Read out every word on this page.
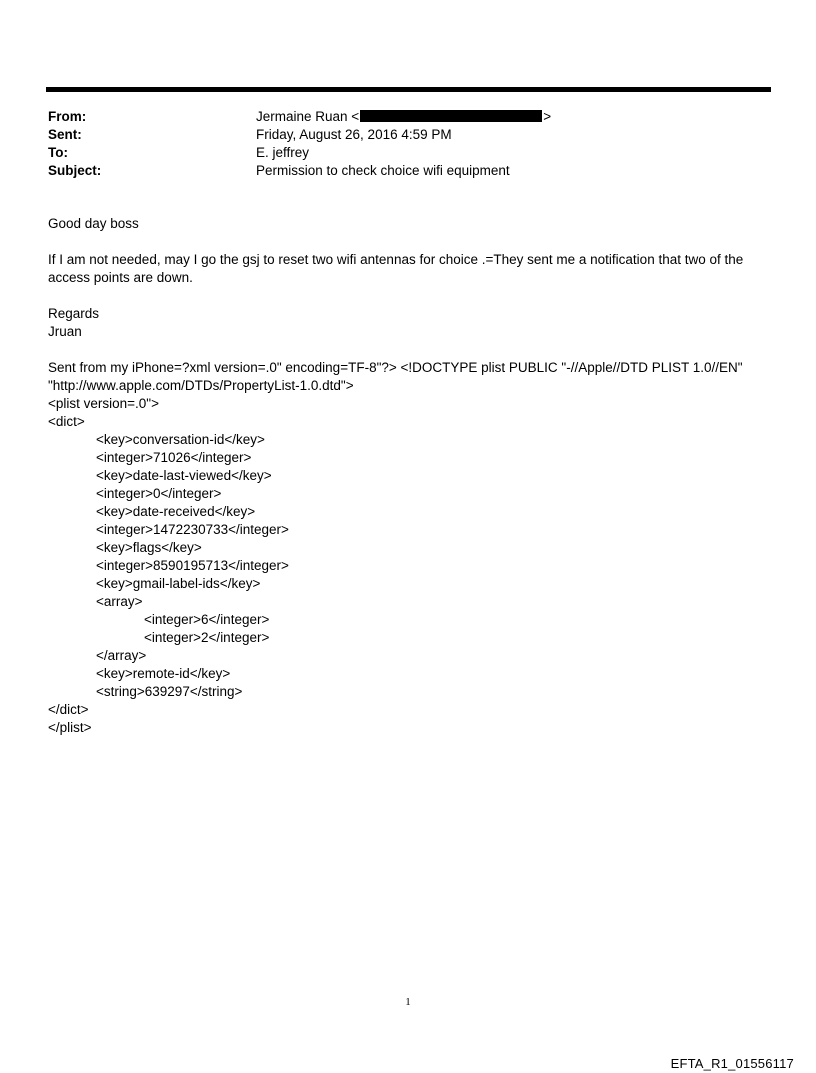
From:	Jermaine Ruan <	>
Sent:	Friday, August 26, 2016 4:59 PM
To:	E. jeffrey
Subject:	Permission to check choice wifi equipment

Good day boss

If I am not needed, may I go the gsj to reset two wifi antennas for choice .=They sent me a notification that two of the access points are down.

Regards

Jruan

Sent from my iPhone=?xml version=.0" encoding=TF-8"?> <!DOCTYPE plist PUBLIC "-//Apple//DTD PLIST 1.0//EN"

"http://www.apple.com/DTDs/PropertyList-1.0.dtd">

<plist version=.0">

<dict>

<key>conversation-id</key>

<integer>71026</integer>

<key>date-last-viewed</key>

<integer>0</integer>

<key>date-received</key>

<integer>1472230733</integer>

<key>flags</key>

<integer>8590195713</integer>

<key>gmail-label-ids</key>

<array>

<integer>6</integer>

<integer>2</integer>

</array>

<key>remote-id</key>

<string>639297</string>

</dict>

</plist>

1
EFTA_R1_01556117
